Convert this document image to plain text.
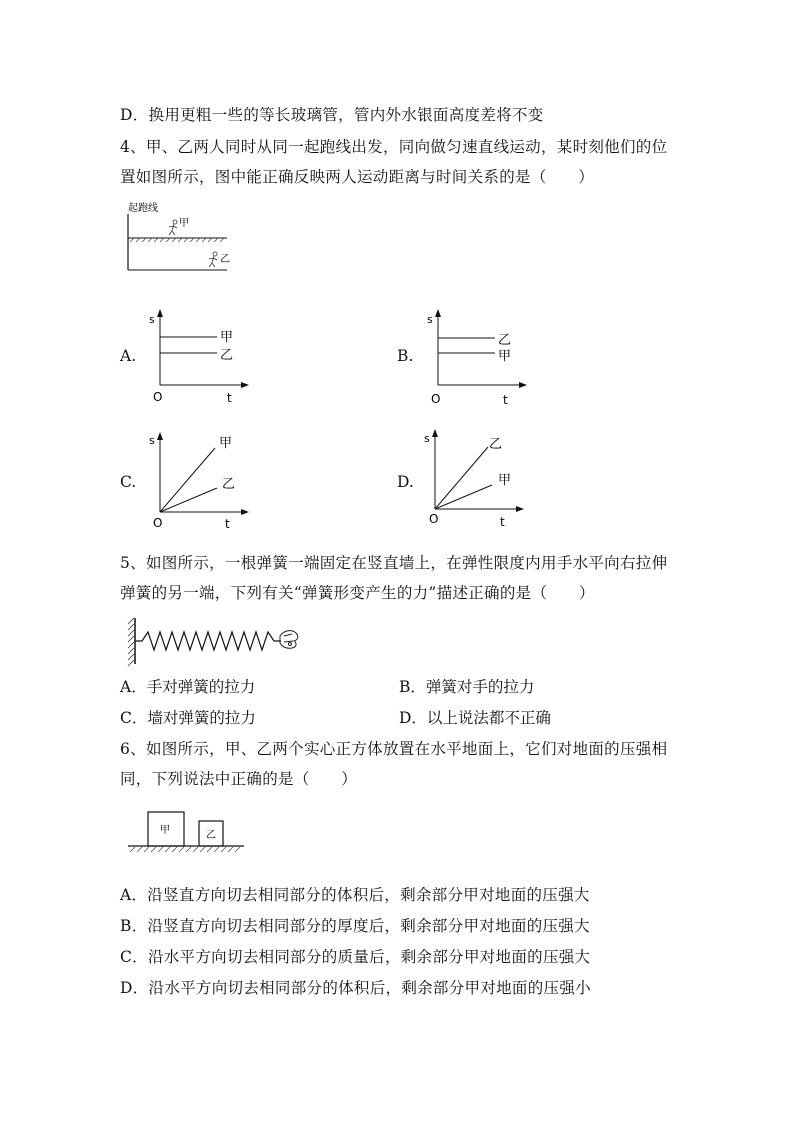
D．换用更粗一些的等长玻璃管，管内外水银面高度差将不变
4、甲、乙两人同时从同一起跑线出发，同向做匀速直线运动，某时刻他们的位
置如图所示，图中能正确反映两人运动距离与时间关系的是（　　）
起跑线
甲
乙
A.
s
O	t
甲
乙	B.
s
O	t
乙
甲
C.
s
O	t
甲
乙	D.
s
O	t
乙
甲
5、如图所示，一根弹簧一端固定在竖直墙上，在弹性限度内用手水平向右拉伸
弹簧的另一端，下列有关“弹簧形变产生的力”描述正确的是（　　）
A．手对弹簧的拉力	B．弹簧对手的拉力
C．墙对弹簧的拉力	D．以上说法都不正确
6、如图所示，甲、乙两个实心正方体放置在水平地面上，它们对地面的压强相
同，下列说法中正确的是（　　）
甲	乙
A．沿竖直方向切去相同部分的体积后，剩余部分甲对地面的压强大
B．沿竖直方向切去相同部分的厚度后，剩余部分甲对地面的压强大
C．沿水平方向切去相同部分的质量后，剩余部分甲对地面的压强大
D．沿水平方向切去相同部分的体积后，剩余部分甲对地面的压强小
